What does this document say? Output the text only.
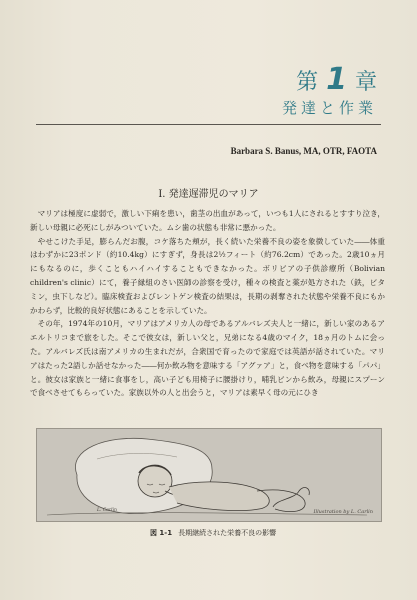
第 1 章
発達と作業
Barbara S. Banus, MA, OTR, FAOTA
I. 発達遅滞児のマリア

マリアは極度に虚弱で，激しい下痢を患い，歯茎の出血があって，いつも1人にされるとすすり泣き，新しい母親に必死にしがみついていた。ムシ歯の状態も非常に悪かった。

やせこけた手足，膨らんだお腹，コケ落ちた頬が，長く続いた栄養不良の姿を象徴していた――体重はわずかに23ポンド（約10.4kg）にすぎず，身長は2½フィート（約76.2cm）であった。2歳10ヵ月にもなるのに，歩くこともハイハイすることもできなかった。ボリビアの子供診療所（Bolivian children's clinic）にて，養子縁組のさい医師の診察を受け，種々の検査と薬が処方された（鉄，ビタミン，虫下しなど）。臨床検査およびレントゲン検査の結果は，長期の剥奪された状態や栄養不良にもかかわらず，比較的良好状態にあることを示していた。

その年，1974年の10月，マリアはアメリカ人の母であるアルバレズ夫人と一緒に，新しい家のあるアエルトリコまで旅をした。そこで彼女は，新しい父と，兄弟になる4歳のマイク，18ヵ月のトムに会った。アルバレズ氏は南アメリカの生まれだが，合衆国で育ったので家庭では英語が話されていた。マリアはたった2語しか話せなかった――何か飲み物を意味する「アグァア」と，食べ物を意味する「パパ」と。彼女は家族と一緒に食事をし，高い子ども用椅子に腰掛けり，哺乳ビンから飲み，母親にスプーンで食べさせてもらっていた。家族以外の人と出会うと，マリアは素早く母の元にひき

L. Carlin	Illustration by L. Carlin
図 1-1 長期継続された栄養不良の影響
